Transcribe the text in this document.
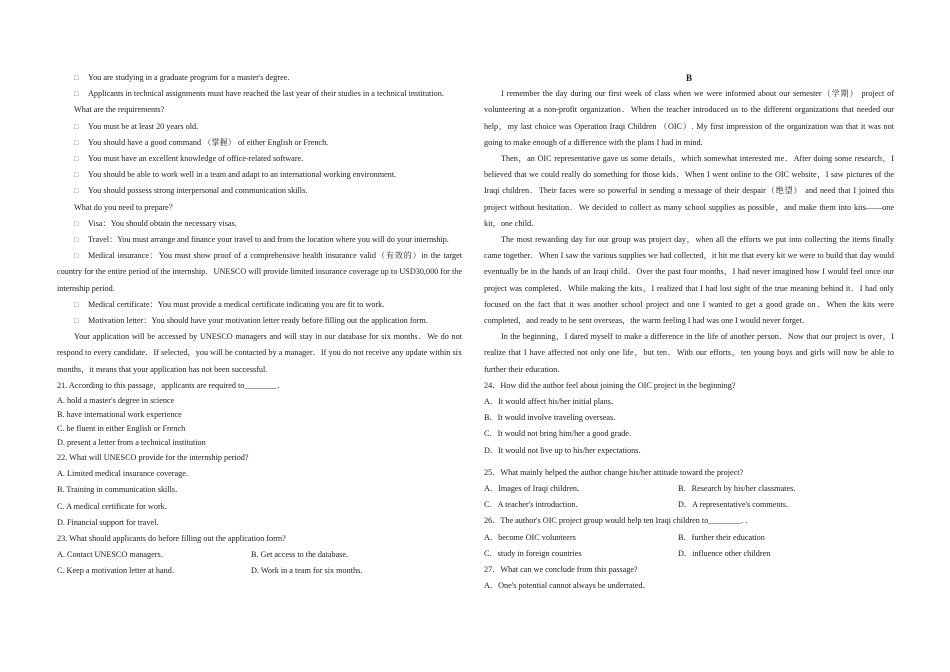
□ You are studying in a graduate program for a master's degree.
□ Applicants in technical assignments must have reached the last year of their studies in a technical institution.
What are the requirements?
□ You must be at least 20 years old.
□ You should have a good command （掌握） of either English or French.
□ You must have an excellent knowledge of office-related software.
□ You should be able to work well in a team and adapt to an international working environment.
□ You should possess strong interpersonal and communication skills.
What do you need to prepare？
□ Visa：You should obtain the necessary visas.
□ Travel：You must arrange and finance your travel to and from the location where you will do your internship.
□ Medical insurance：You must show proof of a comprehensive health insurance valid（有效的）in the target country for the entire period of the internship．UNESCO will provide limited insurance coverage up to USD30,000 for the internship period.
□ Medical certificate：You must provide a medical certificate indicating you are fit to work.
□ Motivation letter：You should have your motivation letter ready before filling out the application form.
Your application will be accessed by UNESCO managers and will stay in our database for six months．We do not respond to every candidate．If selected，you will be contacted by a manager．If you do not receive any update within six months，it means that your application has not been successful.
21. According to this passage，applicants are required to________．
A. hold a master's degree in science
B. have international work experience
C. be fluent in either English or French
D. present a letter from a technical institution
22. What will UNESCO provide for the internship period?
A. Limited medical insurance coverage．
B. Training in communication skills．
C. A medical certificate for work．
D. Financial support for travel．
23. What should applicants do before filling out the application form?
A. Contact UNESCO managers．	B. Get access to the database．
C. Keep a motivation letter at hand．	D. Work in a team for six months．
B
I remember the day during our first week of class when we were informed about our semester（学期） project of volunteering at a non-profit organization．When the teacher introduced us to the different organizations that needed our help，my last choice was Operation Iraqi Children （OIC）. My first impression of the organization was that it was not going to make enough of a difference with the plans I had in mind.
Then，an OIC representative gave us some details，which somewhat interested me．After doing some research，I believed that we could really do something for those kids．When I went online to the OIC website，I saw pictures of the Iraqi children．Their faces were so powerful in sending a message of their despair（绝望） and need that I joined this project without hesitation．We decided to collect as many school supplies as possible，and make them into kits——one kit，one child．
The most rewarding day for our group was project day，when all the efforts we put into collecting the items finally came together．When I saw the various supplies we had collected，it hit me that every kit we were to build that day would eventually be in the hands of an Iraqi child．Over the past four months，I had never imagined how I would feel once our project was completed．While making the kits，I realized that I had lost sight of the true meaning behind it．I had only focused on the fact that it was another school project and one I wanted to get a good grade on．When the kits were completed，and ready to be sent overseas，the warm feeling I had was one I would never forget．
In the beginning，I dared myself to make a difference in the life of another person．Now that our project is over，I realize that I have affected not only one life，but ten．With our efforts，ten young boys and girls will now be able to further their education．
24．How did the author feel about joining the OIC project in the beginning?
A．It would affect his/her initial plans．
B．It would involve traveling overseas．
C．It would not bring him/her a good grade．
D．It would not live up to his/her expectations．
25．What mainly helped the author change his/her attitude toward the project?
A．Images of Iraqi children．	B．Research by his/her classmates．
C．A teacher's introduction．	D．A representative's comments．
26．The author's OIC project group would help ten Iraqi children to________．．
A．become OIC volunteers	B．further their education
C．study in foreign countries	D．influence other children
27．What can we conclude from this passage?
A．One's potential cannot always be underrated．
